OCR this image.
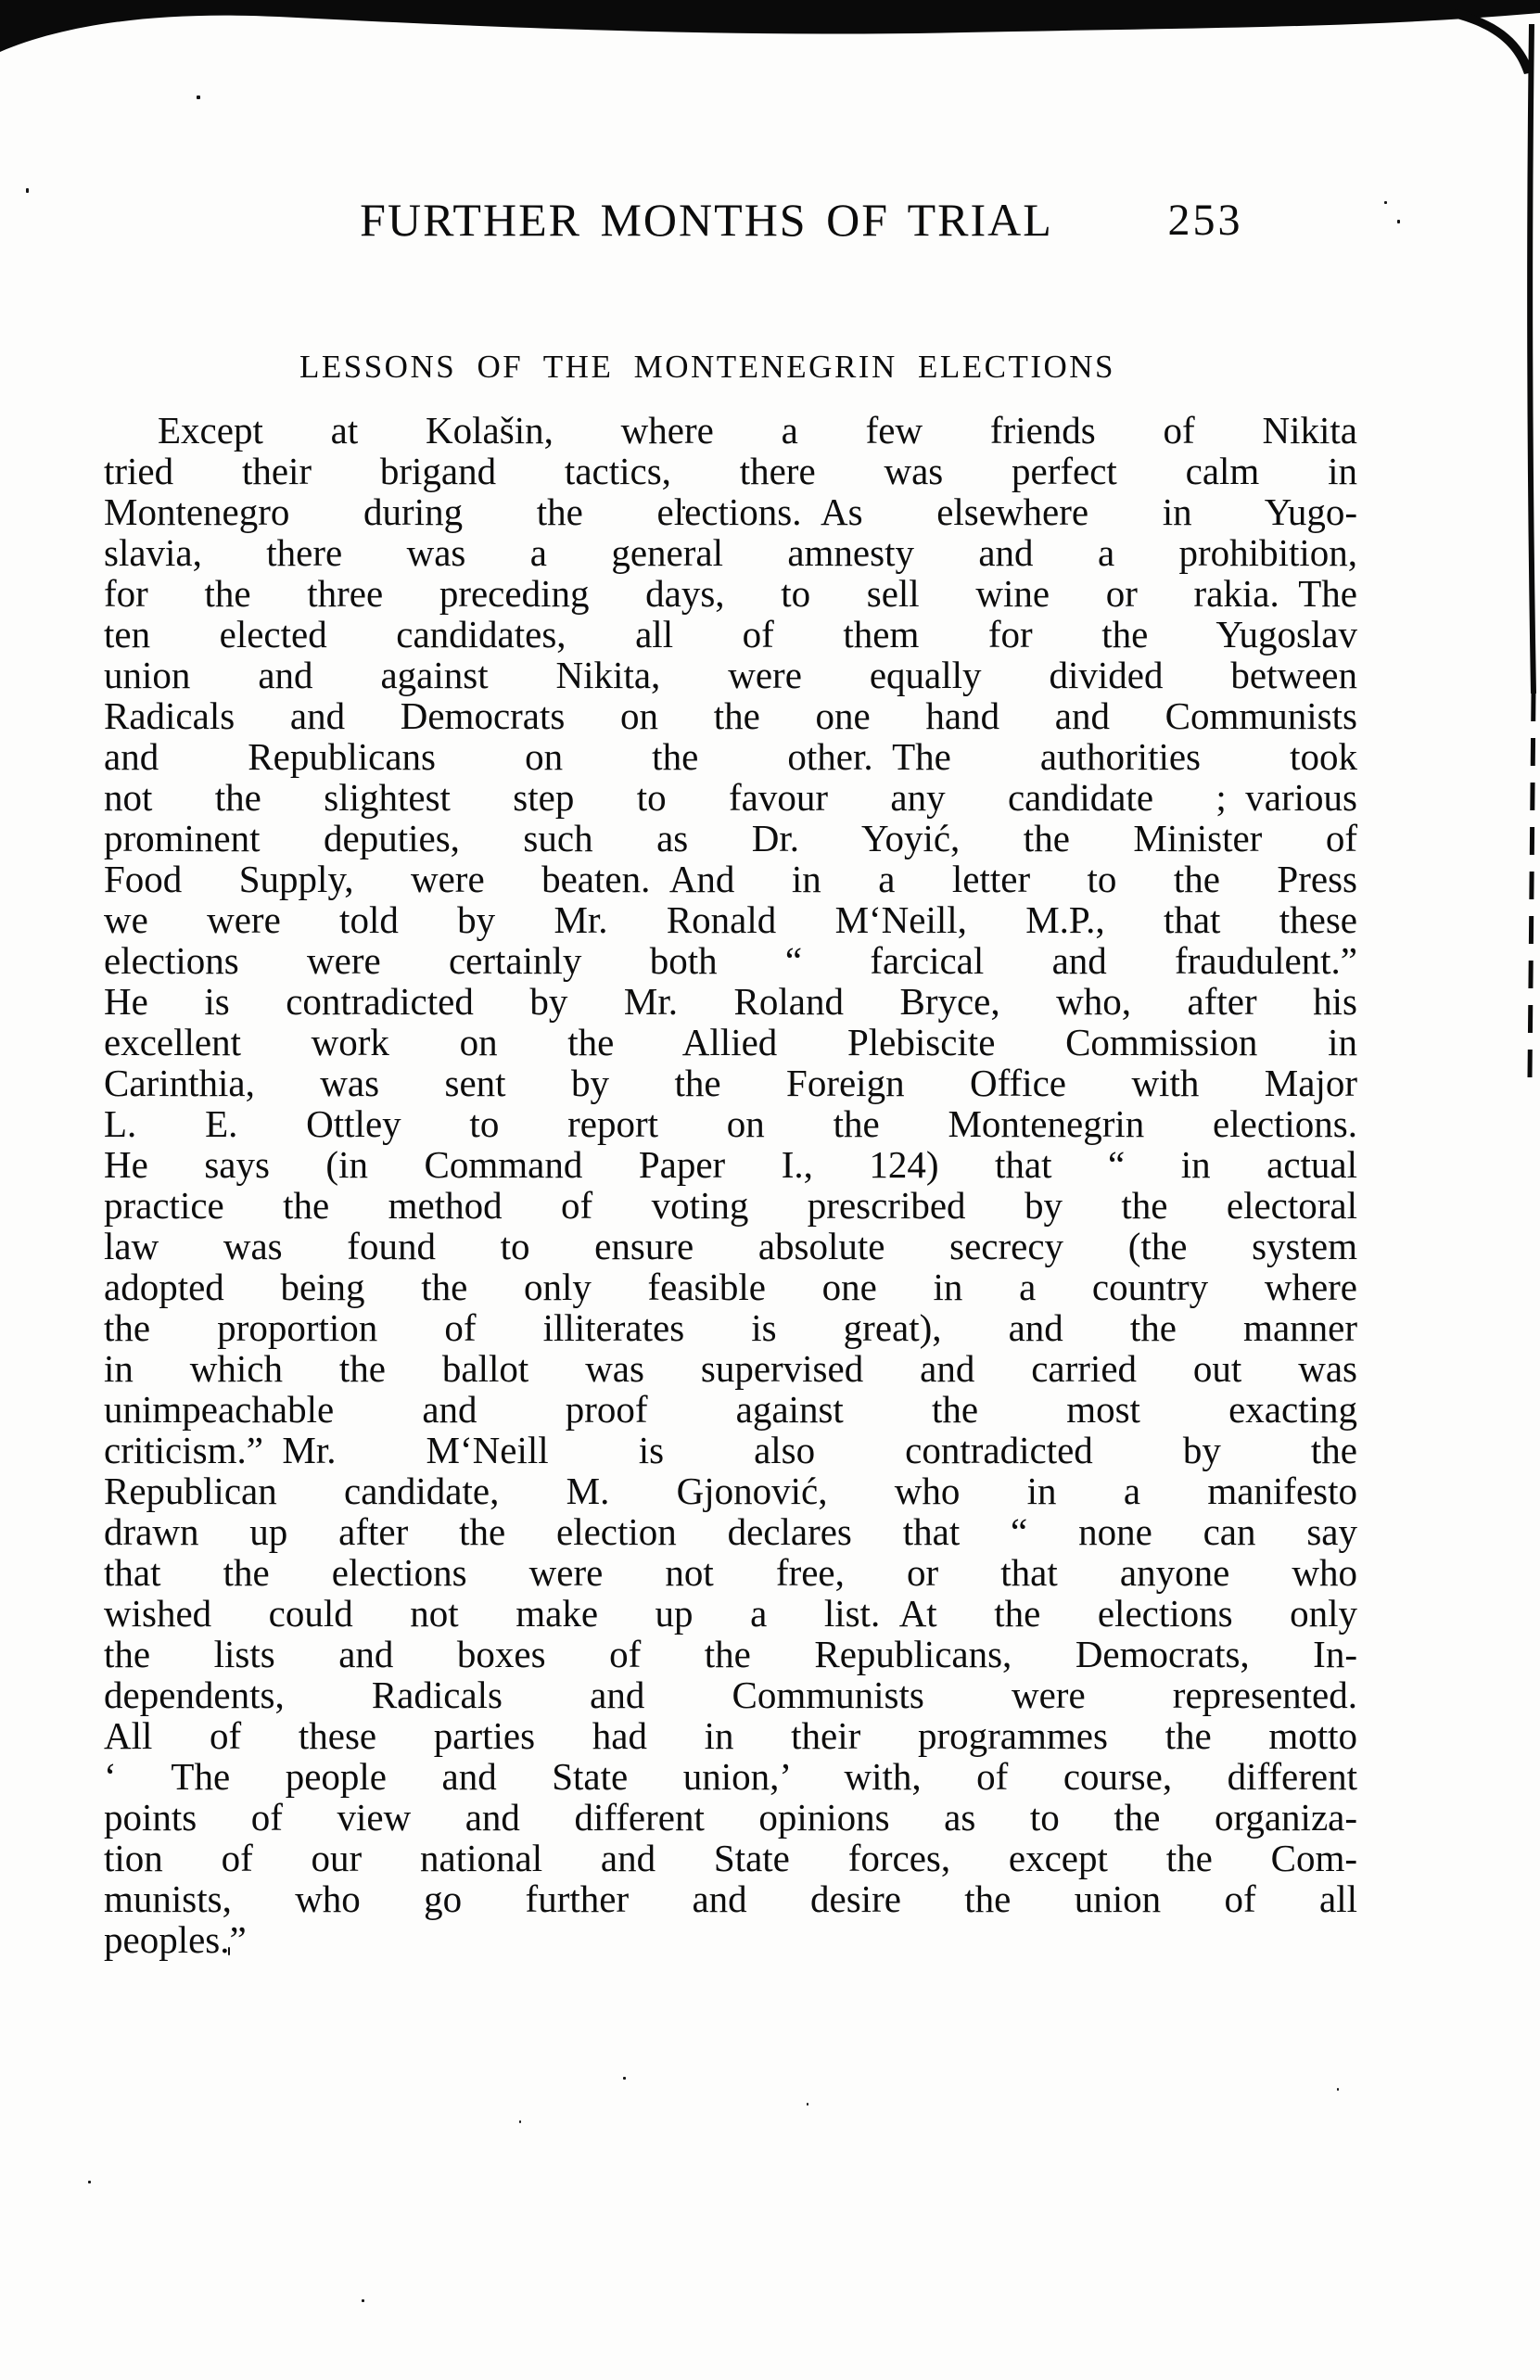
FURTHER MONTHS OF TRIAL	253
LESSONS OF THE MONTENEGRIN ELECTIONS
Except at Kolašin, where a few friends of Nikita
tried their brigand tactics, there was perfect calm in
Montenegro during the elections. As elsewhere in Yugo-
slavia, there was a general amnesty and a prohibition,
for the three preceding days, to sell wine or rakia. The
ten elected candidates, all of them for the Yugoslav
union and against Nikita, were equally divided between
Radicals and Democrats on the one hand and Communists
and Republicans on the other. The authorities took
not the slightest step to favour any candidate ; various
prominent deputies, such as Dr. Yoyić, the Minister of
Food Supply, were beaten. And in a letter to the Press
we were told by Mr. Ronald M‘Neill, M.P., that these
elections were certainly both “ farcical and fraudulent.”
He is contradicted by Mr. Roland Bryce, who, after his
excellent work on the Allied Plebiscite Commission in
Carinthia, was sent by the Foreign Office with Major
L. E. Ottley to report on the Montenegrin elections.
He says (in Command Paper I., 124) that “ in actual
practice the method of voting prescribed by the electoral
law was found to ensure absolute secrecy (the system
adopted being the only feasible one in a country where
the proportion of illiterates is great), and the manner
in which the ballot was supervised and carried out was
unimpeachable and proof against the most exacting
criticism.” Mr. M‘Neill is also contradicted by the
Republican candidate, M. Gjonović, who in a manifesto
drawn up after the election declares that “ none can say
that the elections were not free, or that anyone who
wished could not make up a list. At the elections only
the lists and boxes of the Republicans, Democrats, In-
dependents, Radicals and Communists were represented.
All of these parties had in their programmes the motto
‘ The people and State union,’ with, of course, different
points of view and different opinions as to the organiza-
tion of our national and State forces, except the Com-
munists, who go further and desire the union of all
peoples.”
